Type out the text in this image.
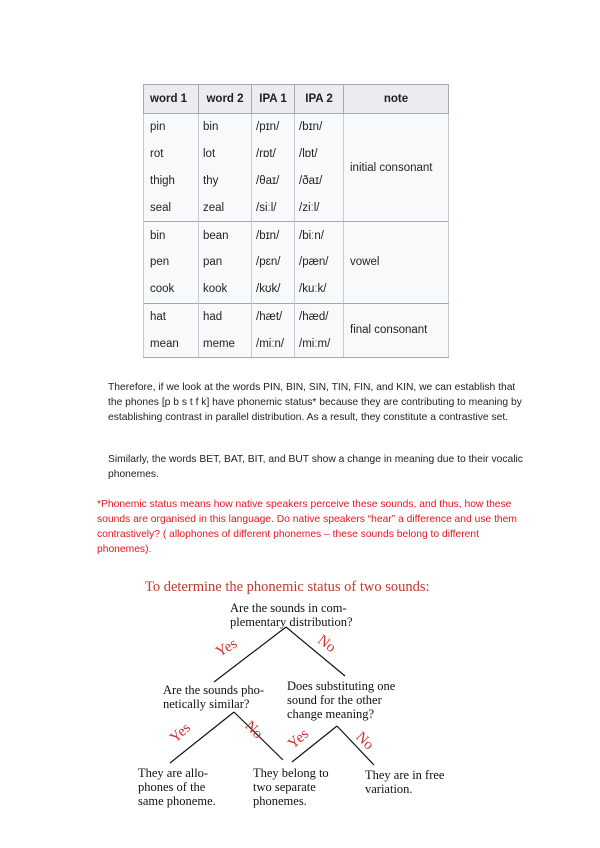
word 1	word 2	IPA 1	IPA 2	note
pin	bin	/pɪn/	/bɪn/	initial consonant
rot	lot	/rɒt/	/lɒt/	
thigh	thy	/θaɪ/	/ðaɪ/	
seal	zeal	/siːl/	/ziːl/	
bin	bean	/bɪn/	/biːn/	vowel
pen	pan	/pɛn/	/pæn/	
cook	kook	/kʊk/	/kuːk/	
hat	had	/hæt/	/hæd/	final consonant
mean	meme	/miːn/	/miːm/	

Therefore, if we look at the words PIN, BIN, SIN, TIN, FIN, and KIN, we can establish that the phones [p b s t f k] have phonemic status* because they are contributing to meaning by establishing contrast in parallel distribution. As a result, they constitute a contrastive set.

Similarly, the words BET, BAT, BIT, and BUT show a change in meaning due to their vocalic phonemes.

*Phonemic status means how native speakers perceive these sounds, and thus, how these sounds are organised in this language. Do native speakers “hear” a difference and use them contrastively? ( allophones of different phonemes – these sounds belong to different phonemes).

To determine the phonemic status of two sounds:
Are the sounds in com- plementary distribution?
Are the sounds pho- netically similar?
Does substituting one sound for the other change meaning?
They are allo- phones of the same phoneme.
They belong to two separate phonemes.
They are in free variation.
Yes	No
Yes	No Yes	No
